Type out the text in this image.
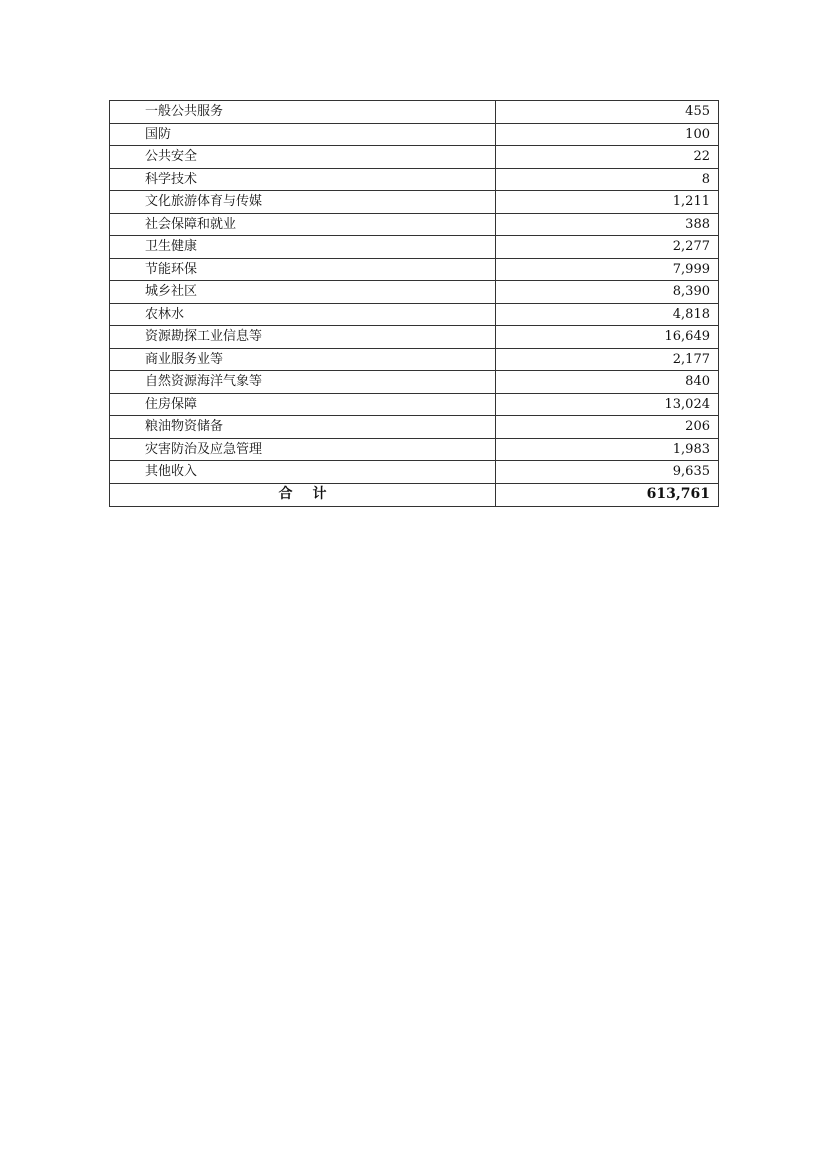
一般公共服务	455
国防	100
公共安全	22
科学技术	8
文化旅游体育与传媒	1,211
社会保障和就业	388
卫生健康	2,277
节能环保	7,999
城乡社区	8,390
农林水	4,818
资源勘探工业信息等	16,649
商业服务业等	2,177
自然资源海洋气象等	840
住房保障	13,024
粮油物资储备	206
灾害防治及应急管理	1,983
其他收入	9,635
合计	613,761
